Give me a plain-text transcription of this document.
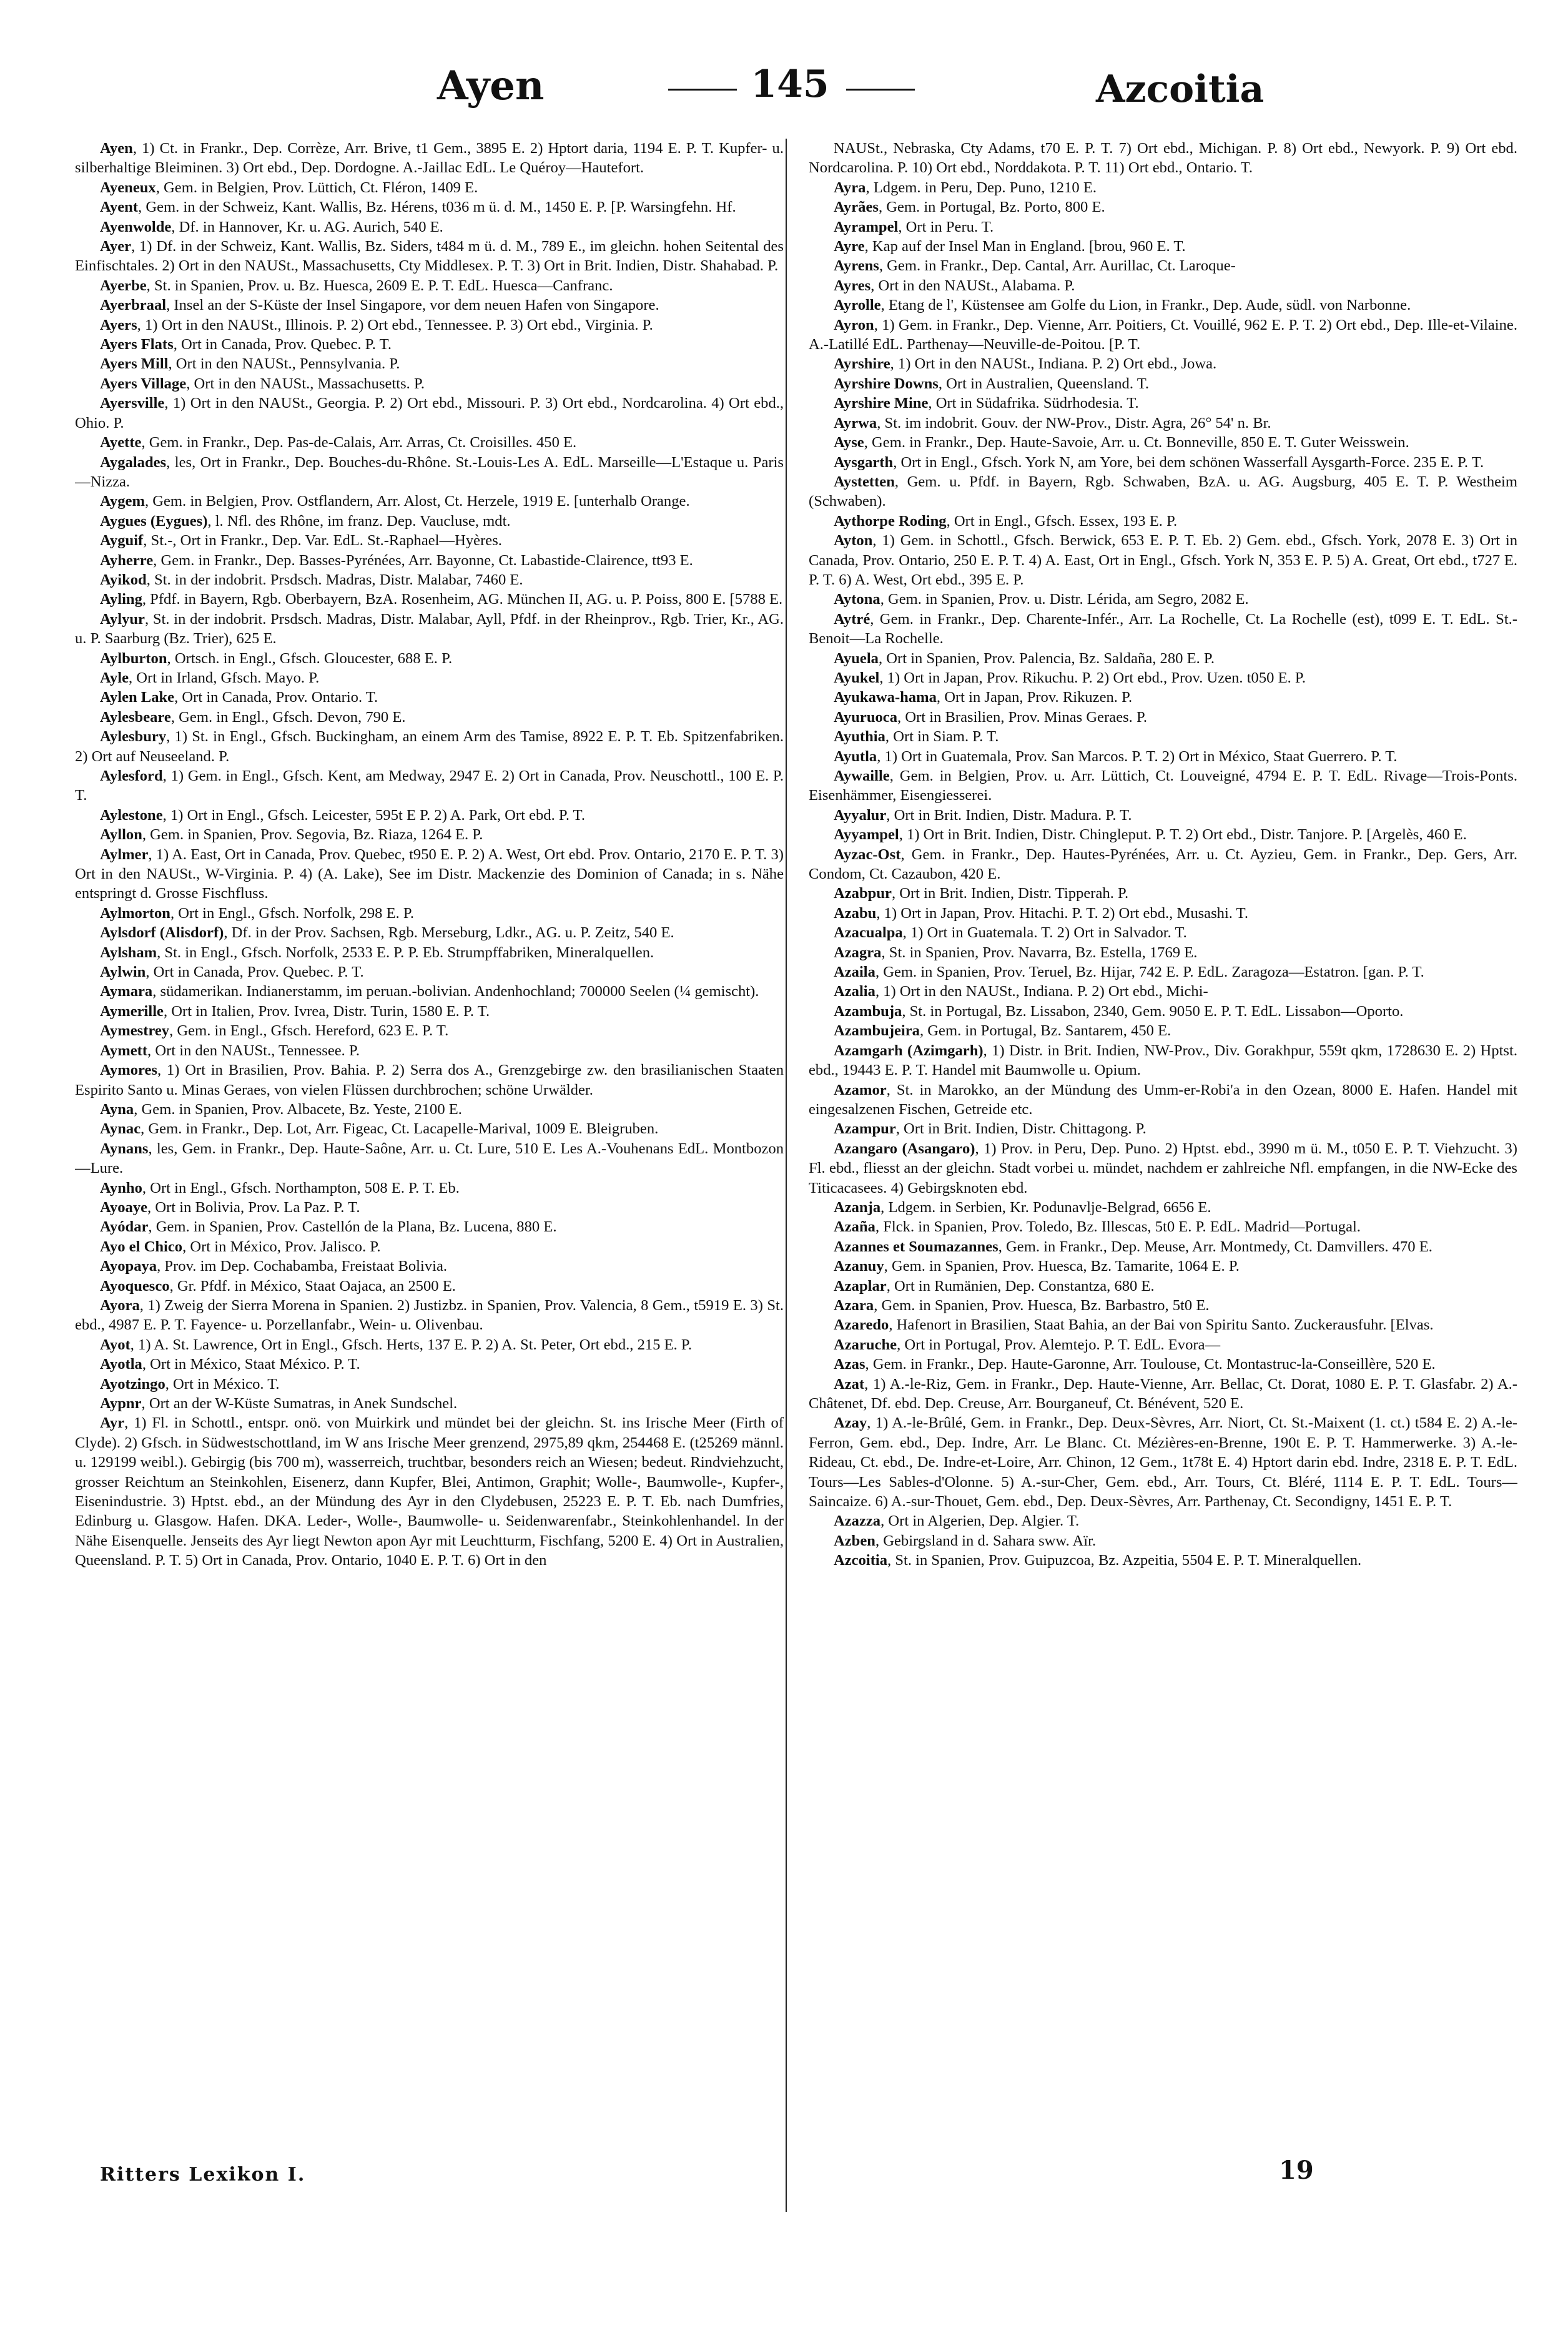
Ayen	145	Azcoitia

Ayen, 1) Ct. in Frankr., Dep. Corrèze, Arr. Brive, t1 Gem., 3895 E. 2) Hptort daria, 1194 E. P. T. Kupfer- u. silberhaltige Bleiminen. 3) Ort ebd., Dep. Dordogne. A.-Jaillac EdL. Le Quéroy—Hautefort.

Ayeneux, Gem. in Belgien, Prov. Lüttich, Ct. Fléron, 1409 E.

Ayent, Gem. in der Schweiz, Kant. Wallis, Bz. Hérens, t036 m ü. d. M., 1450 E. P. [P. Warsingfehn. Hf.

Ayenwolde, Df. in Hannover, Kr. u. AG. Aurich, 540 E.

Ayer, 1) Df. in der Schweiz, Kant. Wallis, Bz. Siders, t484 m ü. d. M., 789 E., im gleichn. hohen Seitental des Einfischtales. 2) Ort in den NAUSt., Massachusetts, Cty Middlesex. P. T. 3) Ort in Brit. Indien, Distr. Shahabad. P.

Ayerbe, St. in Spanien, Prov. u. Bz. Huesca, 2609 E. P. T. EdL. Huesca—Canfranc.

Ayerbraal, Insel an der S-Küste der Insel Singapore, vor dem neuen Hafen von Singapore.

Ayers, 1) Ort in den NAUSt., Illinois. P. 2) Ort ebd., Tennessee. P. 3) Ort ebd., Virginia. P.

Ayers Flats, Ort in Canada, Prov. Quebec. P. T.

Ayers Mill, Ort in den NAUSt., Pennsylvania. P.

Ayers Village, Ort in den NAUSt., Massachusetts. P.

Ayersville, 1) Ort in den NAUSt., Georgia. P. 2) Ort ebd., Missouri. P. 3) Ort ebd., Nordcarolina. 4) Ort ebd., Ohio. P.

Ayette, Gem. in Frankr., Dep. Pas-de-Calais, Arr. Arras, Ct. Croisilles. 450 E.

Aygalades, les, Ort in Frankr., Dep. Bouches-du-Rhône. St.-Louis-Les A. EdL. Marseille—L'Estaque u. Paris—Nizza.

Aygem, Gem. in Belgien, Prov. Ostflandern, Arr. Alost, Ct. Herzele, 1919 E. [unterhalb Orange.

Aygues (Eygues), l. Nfl. des Rhône, im franz. Dep. Vaucluse, mdt.

Ayguif, St.-, Ort in Frankr., Dep. Var. EdL. St.-Raphael—Hyères.

Ayherre, Gem. in Frankr., Dep. Basses-Pyrénées, Arr. Bayonne, Ct. Labastide-Clairence, tt93 E.

Ayikod, St. in der indobrit. Prsdsch. Madras, Distr. Malabar, 7460 E.

Ayling, Pfdf. in Bayern, Rgb. Oberbayern, BzA. Rosenheim, AG. München II, AG. u. P. Poiss, 800 E. [5788 E.

Aylyur, St. in der indobrit. Prsdsch. Madras, Distr. Malabar, Ayll, Pfdf. in der Rheinprov., Rgb. Trier, Kr., AG. u. P. Saarburg (Bz. Trier), 625 E.

Aylburton, Ortsch. in Engl., Gfsch. Gloucester, 688 E. P.

Ayle, Ort in Irland, Gfsch. Mayo. P.

Aylen Lake, Ort in Canada, Prov. Ontario. T.

Aylesbeare, Gem. in Engl., Gfsch. Devon, 790 E.

Aylesbury, 1) St. in Engl., Gfsch. Buckingham, an einem Arm des Tamise, 8922 E. P. T. Eb. Spitzenfabriken. 2) Ort auf Neuseeland. P.

Aylesford, 1) Gem. in Engl., Gfsch. Kent, am Medway, 2947 E. 2) Ort in Canada, Prov. Neuschottl., 100 E. P. T.

Aylestone, 1) Ort in Engl., Gfsch. Leicester, 595t E P. 2) A. Park, Ort ebd. P. T.

Ayllon, Gem. in Spanien, Prov. Segovia, Bz. Riaza, 1264 E. P.

Aylmer, 1) A. East, Ort in Canada, Prov. Quebec, t950 E. P. 2) A. West, Ort ebd. Prov. Ontario, 2170 E. P. T. 3) Ort in den NAUSt., W-Virginia. P. 4) (A. Lake), See im Distr. Mackenzie des Dominion of Canada; in s. Nähe entspringt d. Grosse Fischfluss.

Aylmorton, Ort in Engl., Gfsch. Norfolk, 298 E. P.

Aylsdorf (Alisdorf), Df. in der Prov. Sachsen, Rgb. Merseburg, Ldkr., AG. u. P. Zeitz, 540 E.

Aylsham, St. in Engl., Gfsch. Norfolk, 2533 E. P. P. Eb. Strumpffabriken, Mineralquellen.

Aylwin, Ort in Canada, Prov. Quebec. P. T.

Aymara, südamerikan. Indianerstamm, im peruan.-bolivian. Andenhochland; 700000 Seelen (¼ gemischt).

Aymerille, Ort in Italien, Prov. Ivrea, Distr. Turin, 1580 E. P. T.

Aymestrey, Gem. in Engl., Gfsch. Hereford, 623 E. P. T.

Aymett, Ort in den NAUSt., Tennessee. P.

Aymores, 1) Ort in Brasilien, Prov. Bahia. P. 2) Serra dos A., Grenzgebirge zw. den brasilianischen Staaten Espirito Santo u. Minas Geraes, von vielen Flüssen durchbrochen; schöne Urwälder.

Ayna, Gem. in Spanien, Prov. Albacete, Bz. Yeste, 2100 E.

Aynac, Gem. in Frankr., Dep. Lot, Arr. Figeac, Ct. Lacapelle-Marival, 1009 E. Bleigruben.

Aynans, les, Gem. in Frankr., Dep. Haute-Saône, Arr. u. Ct. Lure, 510 E. Les A.-Vouhenans EdL. Montbozon—Lure.

Aynho, Ort in Engl., Gfsch. Northampton, 508 E. P. T. Eb.

Ayoaye, Ort in Bolivia, Prov. La Paz. P. T.

Ayódar, Gem. in Spanien, Prov. Castellón de la Plana, Bz. Lucena, 880 E.

Ayo el Chico, Ort in México, Prov. Jalisco. P.

Ayopaya, Prov. im Dep. Cochabamba, Freistaat Bolivia.

Ayoquesco, Gr. Pfdf. in México, Staat Oajaca, an 2500 E.

Ayora, 1) Zweig der Sierra Morena in Spanien. 2) Justizbz. in Spanien, Prov. Valencia, 8 Gem., t5919 E. 3) St. ebd., 4987 E. P. T. Fayence- u. Porzellanfabr., Wein- u. Olivenbau.

Ayot, 1) A. St. Lawrence, Ort in Engl., Gfsch. Herts, 137 E. P. 2) A. St. Peter, Ort ebd., 215 E. P.

Ayotla, Ort in México, Staat México. P. T.

Ayotzingo, Ort in México. T.

Aypnr, Ort an der W-Küste Sumatras, in Anek Sundschel.

Ayr, 1) Fl. in Schottl., entspr. onö. von Muirkirk und mündet bei der gleichn. St. ins Irische Meer (Firth of Clyde). 2) Gfsch. in Südwestschottland, im W ans Irische Meer grenzend, 2975,89 qkm, 254468 E. (t25269 männl. u. 129199 weibl.). Gebirgig (bis 700 m), wasserreich, truchtbar, besonders reich an Wiesen; bedeut. Rindviehzucht, grosser Reichtum an Steinkohlen, Eisenerz, dann Kupfer, Blei, Antimon, Graphit; Wolle-, Baumwolle-, Kupfer-, Eisenindustrie. 3) Hptst. ebd., an der Mündung des Ayr in den Clydebusen, 25223 E. P. T. Eb. nach Dumfries, Edinburg u. Glasgow. Hafen. DKA. Leder-, Wolle-, Baumwolle- u. Seidenwarenfabr., Steinkohlenhandel. In der Nähe Eisenquelle. Jenseits des Ayr liegt Newton apon Ayr mit Leuchtturm, Fischfang, 5200 E. 4) Ort in Australien, Queensland. P. T. 5) Ort in Canada, Prov. Ontario, 1040 E. P. T. 6) Ort in den

NAUSt., Nebraska, Cty Adams, t70 E. P. T. 7) Ort ebd., Michigan. P. 8) Ort ebd., Newyork. P. 9) Ort ebd. Nordcarolina. P. 10) Ort ebd., Norddakota. P. T. 11) Ort ebd., Ontario. T.

Ayra, Ldgem. in Peru, Dep. Puno, 1210 E.

Ayrães, Gem. in Portugal, Bz. Porto, 800 E.

Ayrampel, Ort in Peru. T.

Ayre, Kap auf der Insel Man in England. [brou, 960 E. T.

Ayrens, Gem. in Frankr., Dep. Cantal, Arr. Aurillac, Ct. Laroque-

Ayres, Ort in den NAUSt., Alabama. P.

Ayrolle, Etang de l', Küstensee am Golfe du Lion, in Frankr., Dep. Aude, südl. von Narbonne.

Ayron, 1) Gem. in Frankr., Dep. Vienne, Arr. Poitiers, Ct. Vouillé, 962 E. P. T. 2) Ort ebd., Dep. Ille-et-Vilaine. A.-Latillé EdL. Parthenay—Neuville-de-Poitou. [P. T.

Ayrshire, 1) Ort in den NAUSt., Indiana. P. 2) Ort ebd., Jowa.

Ayrshire Downs, Ort in Australien, Queensland. T.

Ayrshire Mine, Ort in Südafrika. Südrhodesia. T.

Ayrwa, St. im indobrit. Gouv. der NW-Prov., Distr. Agra, 26° 54' n. Br.

Ayse, Gem. in Frankr., Dep. Haute-Savoie, Arr. u. Ct. Bonneville, 850 E. T. Guter Weisswein.

Aysgarth, Ort in Engl., Gfsch. York N, am Yore, bei dem schönen Wasserfall Aysgarth-Force. 235 E. P. T.

Aystetten, Gem. u. Pfdf. in Bayern, Rgb. Schwaben, BzA. u. AG. Augsburg, 405 E. T. P. Westheim (Schwaben).

Aythorpe Roding, Ort in Engl., Gfsch. Essex, 193 E. P.

Ayton, 1) Gem. in Schottl., Gfsch. Berwick, 653 E. P. T. Eb. 2) Gem. ebd., Gfsch. York, 2078 E. 3) Ort in Canada, Prov. Ontario, 250 E. P. T. 4) A. East, Ort in Engl., Gfsch. York N, 353 E. P. 5) A. Great, Ort ebd., t727 E. P. T. 6) A. West, Ort ebd., 395 E. P.

Aytona, Gem. in Spanien, Prov. u. Distr. Lérida, am Segro, 2082 E.

Aytré, Gem. in Frankr., Dep. Charente-Infér., Arr. La Rochelle, Ct. La Rochelle (est), t099 E. T. EdL. St.-Benoit—La Rochelle.

Ayuela, Ort in Spanien, Prov. Palencia, Bz. Saldaña, 280 E. P.

Ayukel, 1) Ort in Japan, Prov. Rikuchu. P. 2) Ort ebd., Prov. Uzen. t050 E. P.

Ayukawa-hama, Ort in Japan, Prov. Rikuzen. P.

Ayuruoca, Ort in Brasilien, Prov. Minas Geraes. P.

Ayuthia, Ort in Siam. P. T.

Ayutla, 1) Ort in Guatemala, Prov. San Marcos. P. T. 2) Ort in México, Staat Guerrero. P. T.

Aywaille, Gem. in Belgien, Prov. u. Arr. Lüttich, Ct. Louveigné, 4794 E. P. T. EdL. Rivage—Trois-Ponts. Eisenhämmer, Eisengiesserei.

Ayyalur, Ort in Brit. Indien, Distr. Madura. P. T.

Ayyampel, 1) Ort in Brit. Indien, Distr. Chingleput. P. T. 2) Ort ebd., Distr. Tanjore. P. [Argelès, 460 E.

Ayzac-Ost, Gem. in Frankr., Dep. Hautes-Pyrénées, Arr. u. Ct. Ayzieu, Gem. in Frankr., Dep. Gers, Arr. Condom, Ct. Cazaubon, 420 E.

Azabpur, Ort in Brit. Indien, Distr. Tipperah. P.

Azabu, 1) Ort in Japan, Prov. Hitachi. P. T. 2) Ort ebd., Musashi. T.

Azacualpa, 1) Ort in Guatemala. T. 2) Ort in Salvador. T.

Azagra, St. in Spanien, Prov. Navarra, Bz. Estella, 1769 E.

Azaila, Gem. in Spanien, Prov. Teruel, Bz. Hijar, 742 E. P. EdL. Zaragoza—Estatron. [gan. P. T.

Azalia, 1) Ort in den NAUSt., Indiana. P. 2) Ort ebd., Michi-

Azambuja, St. in Portugal, Bz. Lissabon, 2340, Gem. 9050 E. P. T. EdL. Lissabon—Oporto.

Azambujeira, Gem. in Portugal, Bz. Santarem, 450 E.

Azamgarh (Azimgarh), 1) Distr. in Brit. Indien, NW-Prov., Div. Gorakhpur, 559t qkm, 1728630 E. 2) Hptst. ebd., 19443 E. P. T. Handel mit Baumwolle u. Opium.

Azamor, St. in Marokko, an der Mündung des Umm-er-Robi'a in den Ozean, 8000 E. Hafen. Handel mit eingesalzenen Fischen, Getreide etc.

Azampur, Ort in Brit. Indien, Distr. Chittagong. P.

Azangaro (Asangaro), 1) Prov. in Peru, Dep. Puno. 2) Hptst. ebd., 3990 m ü. M., t050 E. P. T. Viehzucht. 3) Fl. ebd., fliesst an der gleichn. Stadt vorbei u. mündet, nachdem er zahlreiche Nfl. empfangen, in die NW-Ecke des Titicacasees. 4) Gebirgsknoten ebd.

Azanja, Ldgem. in Serbien, Kr. Podunavlje-Belgrad, 6656 E.

Azaña, Flck. in Spanien, Prov. Toledo, Bz. Illescas, 5t0 E. P. EdL. Madrid—Portugal.

Azannes et Soumazannes, Gem. in Frankr., Dep. Meuse, Arr. Montmedy, Ct. Damvillers. 470 E.

Azanuy, Gem. in Spanien, Prov. Huesca, Bz. Tamarite, 1064 E. P.

Azaplar, Ort in Rumänien, Dep. Constantza, 680 E.

Azara, Gem. in Spanien, Prov. Huesca, Bz. Barbastro, 5t0 E.

Azaredo, Hafenort in Brasilien, Staat Bahia, an der Bai von Spiritu Santo. Zuckerausfuhr. [Elvas.

Azaruche, Ort in Portugal, Prov. Alemtejo. P. T. EdL. Evora—

Azas, Gem. in Frankr., Dep. Haute-Garonne, Arr. Toulouse, Ct. Montastruc-la-Conseillère, 520 E.

Azat, 1) A.-le-Riz, Gem. in Frankr., Dep. Haute-Vienne, Arr. Bellac, Ct. Dorat, 1080 E. P. T. Glasfabr. 2) A.-Châtenet, Df. ebd. Dep. Creuse, Arr. Bourganeuf, Ct. Bénévent, 520 E.

Azay, 1) A.-le-Brûlé, Gem. in Frankr., Dep. Deux-Sèvres, Arr. Niort, Ct. St.-Maixent (1. ct.) t584 E. 2) A.-le-Ferron, Gem. ebd., Dep. Indre, Arr. Le Blanc. Ct. Mézières-en-Brenne, 190t E. P. T. Hammerwerke. 3) A.-le-Rideau, Ct. ebd., De. Indre-et-Loire, Arr. Chinon, 12 Gem., 1t78t E. 4) Hptort darin ebd. Indre, 2318 E. P. T. EdL. Tours—Les Sables-d'Olonne. 5) A.-sur-Cher, Gem. ebd., Arr. Tours, Ct. Bléré, 1114 E. P. T. EdL. Tours—Saincaize. 6) A.-sur-Thouet, Gem. ebd., Dep. Deux-Sèvres, Arr. Parthenay, Ct. Secondigny, 1451 E. P. T.

Azazza, Ort in Algerien, Dep. Algier. T.

Azben, Gebirgsland in d. Sahara sww. Aïr.

Azcoitia, St. in Spanien, Prov. Guipuzcoa, Bz. Azpeitia, 5504 E. P. T. Mineralquellen.

Ritters Lexikon I.	19
